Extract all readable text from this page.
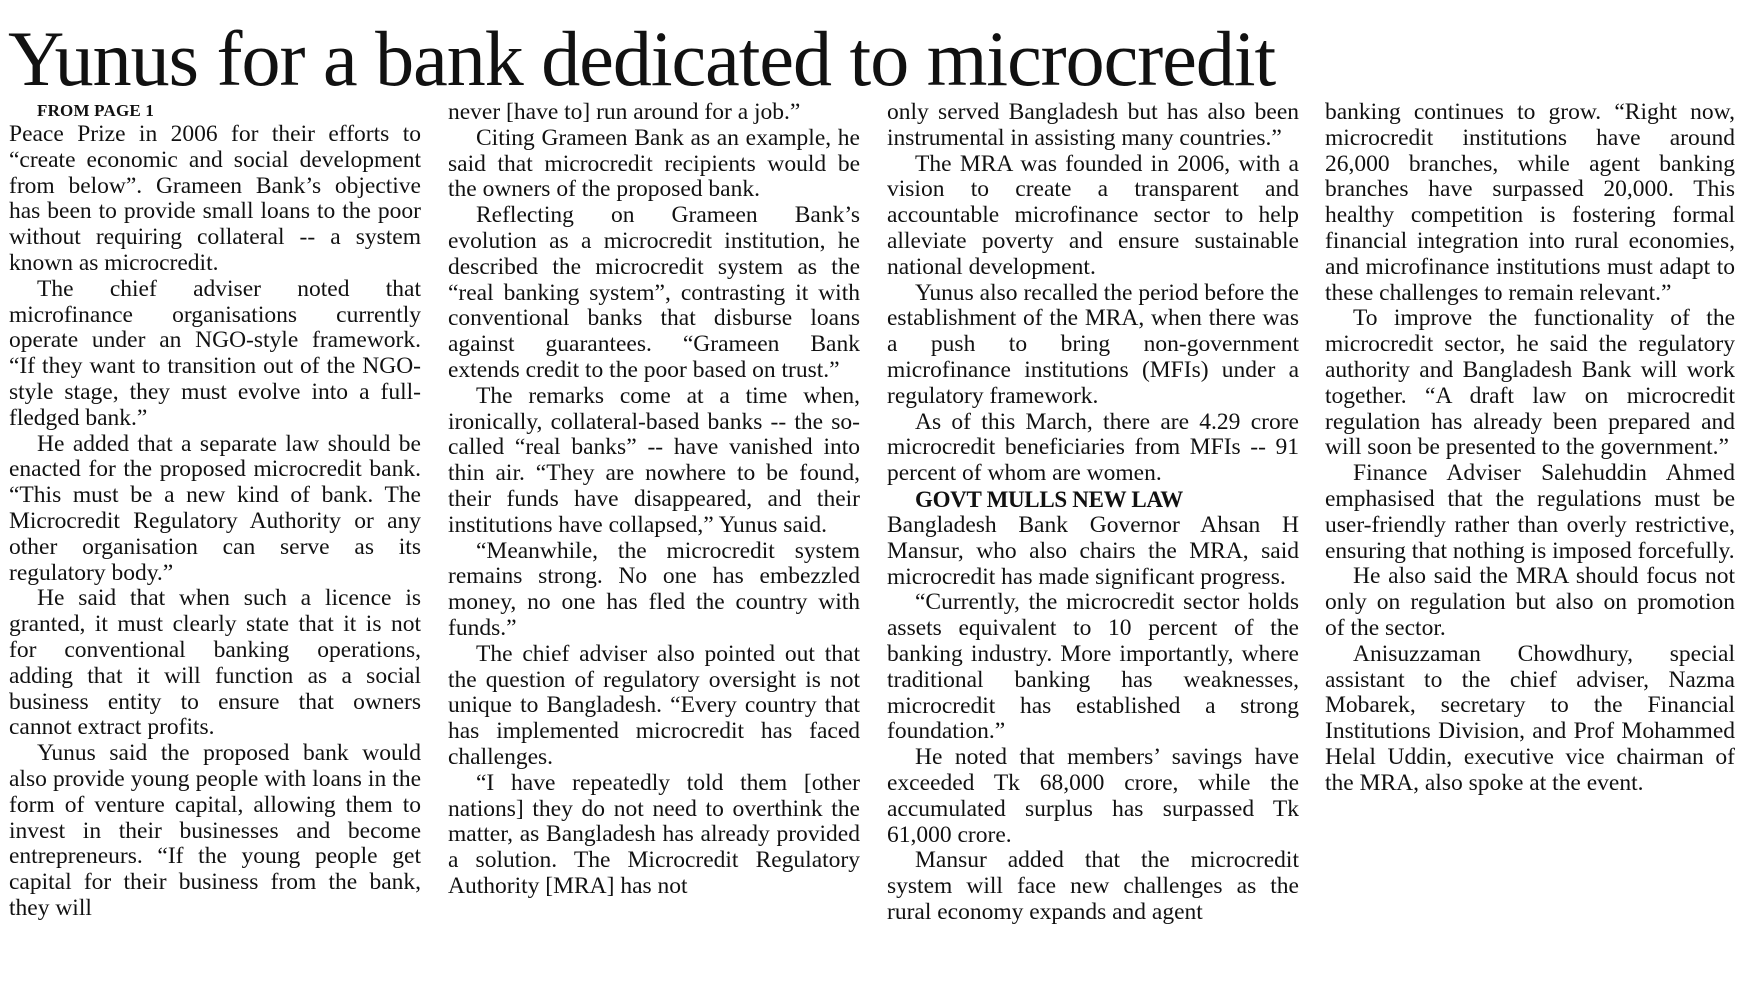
Yunus for a bank dedicated to microcredit

FROM PAGE 1

Peace Prize in 2006 for their efforts to “create economic and social development from below”. Grameen Bank’s objective has been to provide small loans to the poor without requiring collateral -- a system known as microcredit.

The chief adviser noted that microfinance organisations currently operate under an NGO-style framework. “If they want to transition out of the NGO-style stage, they must evolve into a full-fledged bank.”

He added that a separate law should be enacted for the proposed microcredit bank. “This must be a new kind of bank. The Microcredit Regulatory Authority or any other organisation can serve as its regulatory body.”

He said that when such a licence is granted, it must clearly state that it is not for conventional banking operations, adding that it will function as a social business entity to ensure that owners cannot extract profits.

Yunus said the proposed bank would also provide young people with loans in the form of venture capital, allowing them to invest in their businesses and become entrepreneurs. “If the young people get capital for their business from the bank, they will

never [have to] run around for a job.”

Citing Grameen Bank as an example, he said that microcredit recipients would be the owners of the proposed bank.

Reflecting on Grameen Bank’s evolution as a microcredit institution, he described the microcredit system as the “real banking system”, contrasting it with conventional banks that disburse loans against guarantees. “Grameen Bank extends credit to the poor based on trust.”

The remarks come at a time when, ironically, collateral-based banks -- the so-called “real banks” -- have vanished into thin air. “They are nowhere to be found, their funds have disappeared, and their institutions have collapsed,” Yunus said.

“Meanwhile, the microcredit system remains strong. No one has embezzled money, no one has fled the country with funds.”

The chief adviser also pointed out that the question of regulatory oversight is not unique to Bangladesh. “Every country that has implemented microcredit has faced challenges.

“I have repeatedly told them [other nations] they do not need to overthink the matter, as Bangladesh has already provided a solution. The Microcredit Regulatory Authority [MRA] has not

only served Bangladesh but has also been instrumental in assisting many countries.”

The MRA was founded in 2006, with a vision to create a transparent and accountable microfinance sector to help alleviate poverty and ensure sustainable national development.

Yunus also recalled the period before the establishment of the MRA, when there was a push to bring non-government microfinance institutions (MFIs) under a regulatory framework.

As of this March, there are 4.29 crore microcredit beneficiaries from MFIs -- 91 percent of whom are women.

GOVT MULLS NEW LAW

Bangladesh Bank Governor Ahsan H Mansur, who also chairs the MRA, said microcredit has made significant progress.

“Currently, the microcredit sector holds assets equivalent to 10 percent of the banking industry. More importantly, where traditional banking has weaknesses, microcredit has established a strong foundation.”

He noted that members’ savings have exceeded Tk 68,000 crore, while the accumulated surplus has surpassed Tk 61,000 crore.

Mansur added that the microcredit system will face new challenges as the rural economy expands and agent

banking continues to grow. “Right now, microcredit institutions have around 26,000 branches, while agent banking branches have surpassed 20,000. This healthy competition is fostering formal financial integration into rural economies, and microfinance institutions must adapt to these challenges to remain relevant.”

To improve the functionality of the microcredit sector, he said the regulatory authority and Bangladesh Bank will work together. “A draft law on microcredit regulation has already been prepared and will soon be presented to the government.”

Finance Adviser Salehuddin Ahmed emphasised that the regulations must be user-friendly rather than overly restrictive, ensuring that nothing is imposed forcefully.

He also said the MRA should focus not only on regulation but also on promotion of the sector.

Anisuzzaman Chowdhury, special assistant to the chief adviser, Nazma Mobarek, secretary to the Financial Institutions Division, and Prof Mohammed Helal Uddin, executive vice chairman of the MRA, also spoke at the event.
